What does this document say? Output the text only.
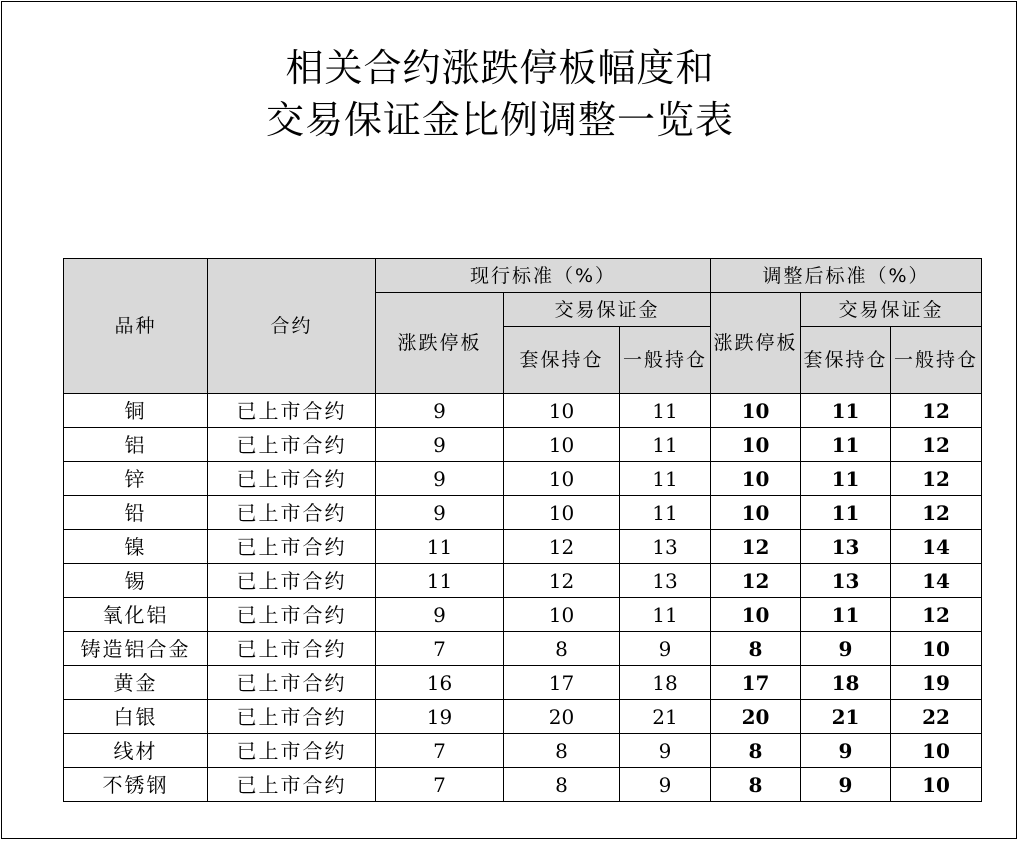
相关合约涨跌停板幅度和
交易保证金比例调整一览表
品种	合约	现行标准（%）			调整后标准（%）		
		涨跌停板	交易保证金		涨跌停板	交易保证金	
			套保持仓	一般持仓		套保持仓	一般持仓
铜	已上市合约	9	10	11	10	11	12
铝	已上市合约	9	10	11	10	11	12
锌	已上市合约	9	10	11	10	11	12
铅	已上市合约	9	10	11	10	11	12
镍	已上市合约	11	12	13	12	13	14
锡	已上市合约	11	12	13	12	13	14
氧化铝	已上市合约	9	10	11	10	11	12
铸造铝合金	已上市合约	7	8	9	8	9	10
黄金	已上市合约	16	17	18	17	18	19
白银	已上市合约	19	20	21	20	21	22
线材	已上市合约	7	8	9	8	9	10
不锈钢	已上市合约	7	8	9	8	9	10
